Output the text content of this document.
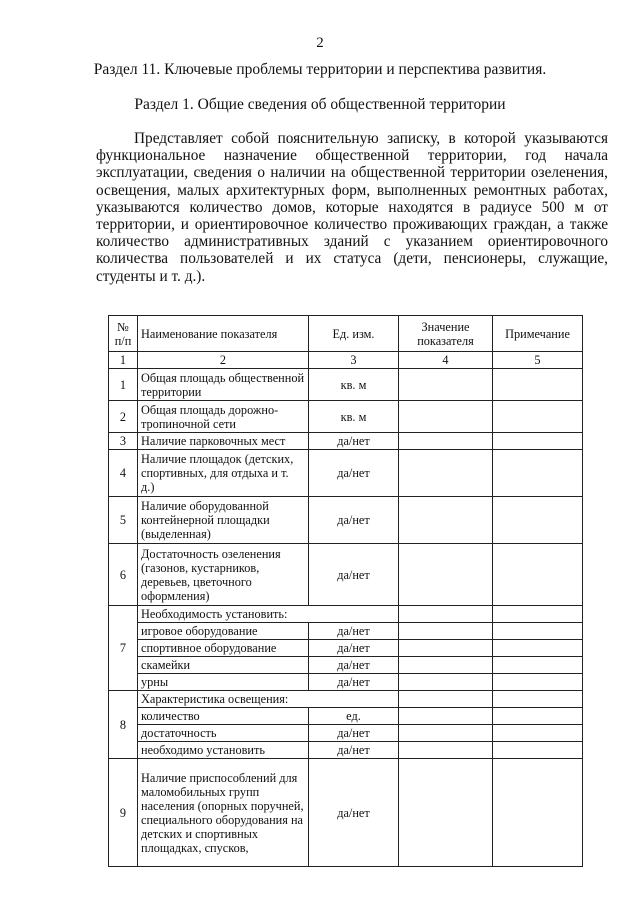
2
Раздел 11. Ключевые проблемы территории и перспектива развития.
Раздел 1. Общие сведения об общественной территории

Представляет собой пояснительную записку, в которой указываются функциональное назначение общественной территории, год начала эксплуатации, сведения о наличии на общественной территории озеленения, освещения, малых архитектурных форм, выполненных ремонтных работах, указываются количество домов, которые находятся в радиусе 500 м от территории, и ориентировочное количество проживающих граждан, а также количество административных зданий с указанием ориентировочного количества пользователей и их статуса (дети, пенсионеры, служащие, студенты и т. д.).

№ п/п	Наименование показателя	Ед. изм.	Значение показателя	Примечание
1	2	3	4	5
1	Общая площадь общественной территории	кв. м		
2	Общая площадь дорожно-тропиночной сети	кв. м		
3	Наличие парковочных мест	да/нет		
4	Наличие площадок (детских, спортивных, для отдыха и т. д.)	да/нет		
5	Наличие оборудованной контейнерной площадки (выделенная)	да/нет		
6	Достаточность озеленения (газонов, кустарников, деревьев, цветочного оформления)	да/нет		
7	Необходимость установить:			
	игровое оборудование	да/нет		
	спортивное оборудование	да/нет		
	скамейки	да/нет		
	урны	да/нет		
8	Характеристика освещения:			
	количество	ед.		
	достаточность	да/нет		
	необходимо установить	да/нет		
9	Наличие приспособлений для маломобильных групп населения (опорных поручней, специального оборудования на детских и спортивных площадках, спусков,	да/нет		
